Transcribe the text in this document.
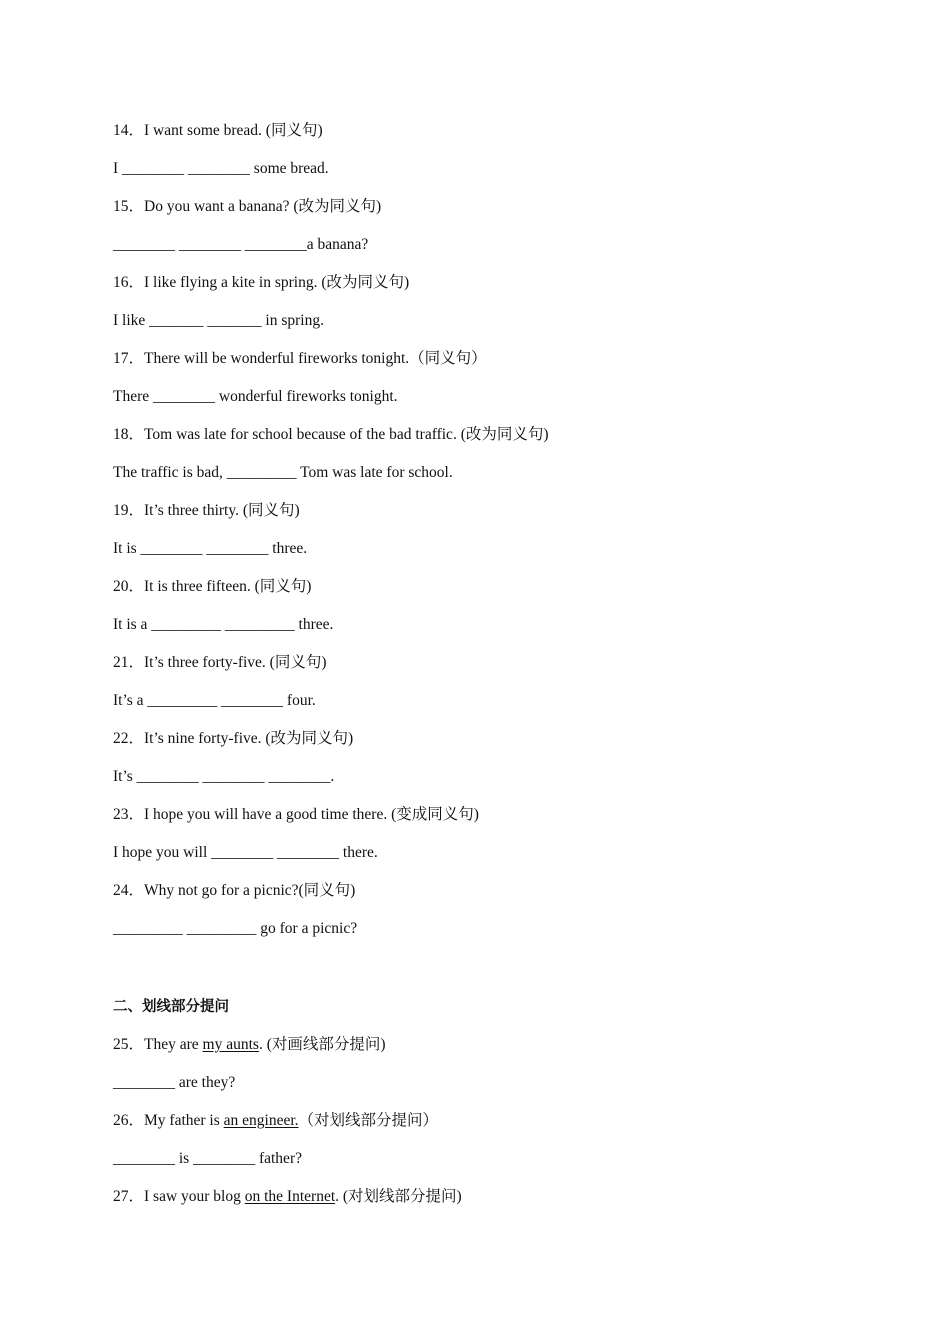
14．I want some bread. (同义句)
I ________ ________ some bread.
15．Do you want a banana? (改为同义句)
________ ________ ________a banana?
16．I like flying a kite in spring. (改为同义句)
I like _______ _______ in spring.
17．There will be wonderful fireworks tonight.（同义句）
There ________ wonderful fireworks tonight.
18．Tom was late for school because of the bad traffic. (改为同义句)
The traffic is bad, _________ Tom was late for school.
19．It’s three thirty. (同义句)
It is ________ ________ three.
20．It is three fifteen. (同义句)
It is a _________ _________ three.
21．It’s three forty-five. (同义句)
It’s a _________ ________ four.
22．It’s nine forty-five. (改为同义句)
It’s ________ ________ ________.
23．I hope you will have a good time there. (变成同义句)
I hope you will ________ ________ there.
24．Why not go for a picnic?(同义句)
_________ _________ go for a picnic?
二、划线部分提问
25．They are my aunts. (对画线部分提问)
________ are they?
26．My father is an engineer.（对划线部分提问）
________ is ________ father?
27．I saw your blog on the Internet. (对划线部分提问)
